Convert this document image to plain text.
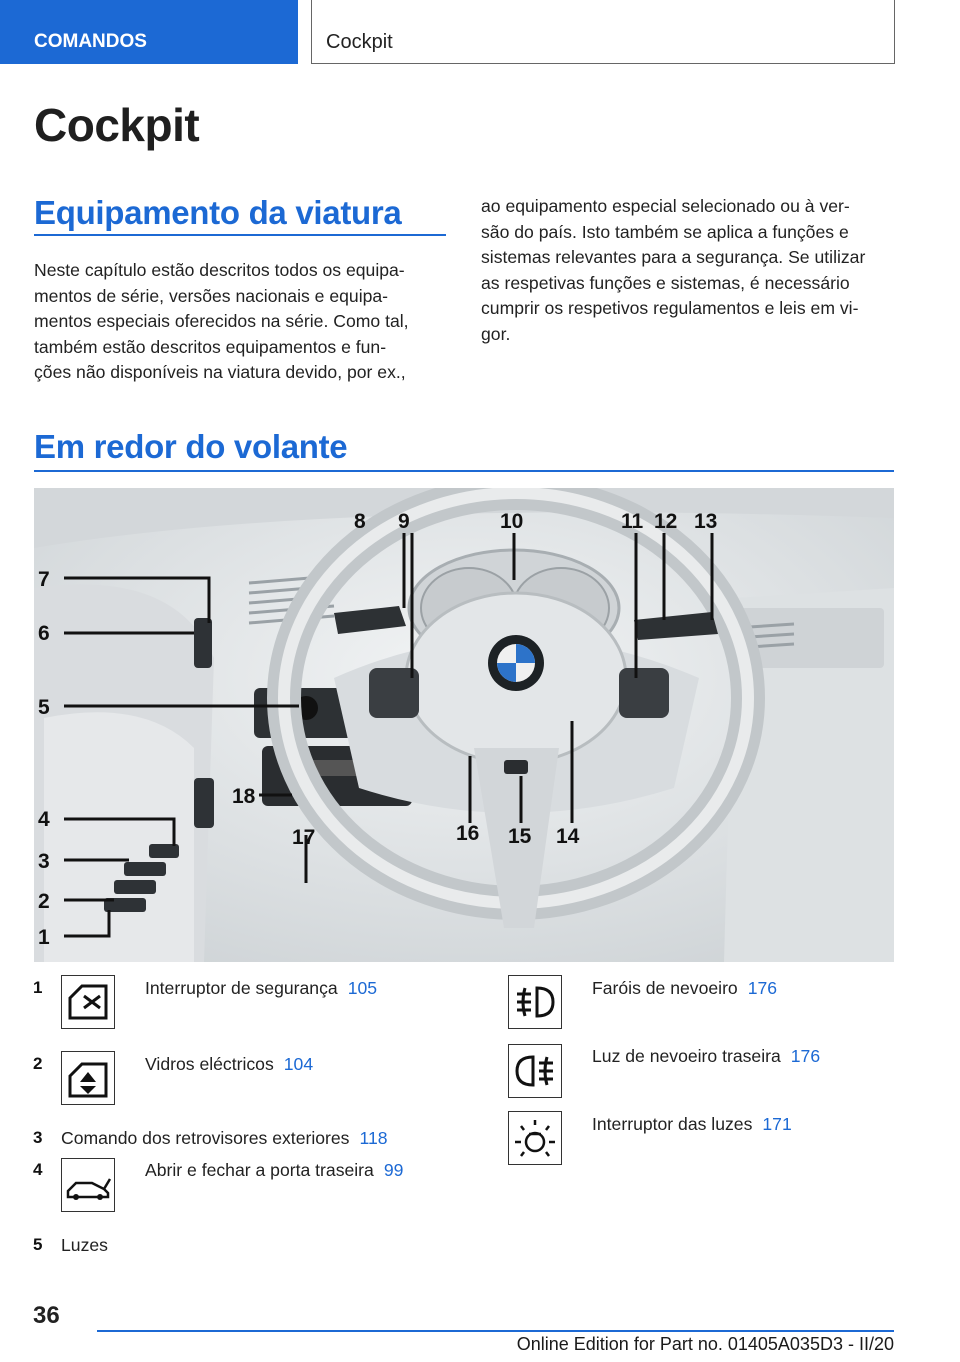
COMANDOS	Cockpit
Cockpit
Equipamento da viatura

Neste capítulo estão descritos todos os equipa-
mentos de série, versões nacionais e equipa-
mentos especiais oferecidos na série. Como tal,
também estão descritos equipamentos e fun-
ções não disponíveis na viatura devido, por ex.,

ao equipamento especial selecionado ou à ver-
são do país. Isto também se aplica a funções e
sistemas relevantes para a segurança. Se utilizar
as respetivas funções e sistemas, é necessário
cumprir os respetivos regulamentos e leis em vi-
gor.

Em redor do volante
7
6
5
4
3
2
1
8 9	10	11 12 13
14
15
16
17
18
1	Interruptor de segurança 105
2	Vidros eléctricos 104
3 Comando dos retrovisores exteriores 118
4	Abrir e fechar a porta traseira 99
5 Luzes
Faróis de nevoeiro 176
Luz de nevoeiro traseira 176
Interruptor das luzes 171
36
Online Edition for Part no. 01405A035D3 - II/20
